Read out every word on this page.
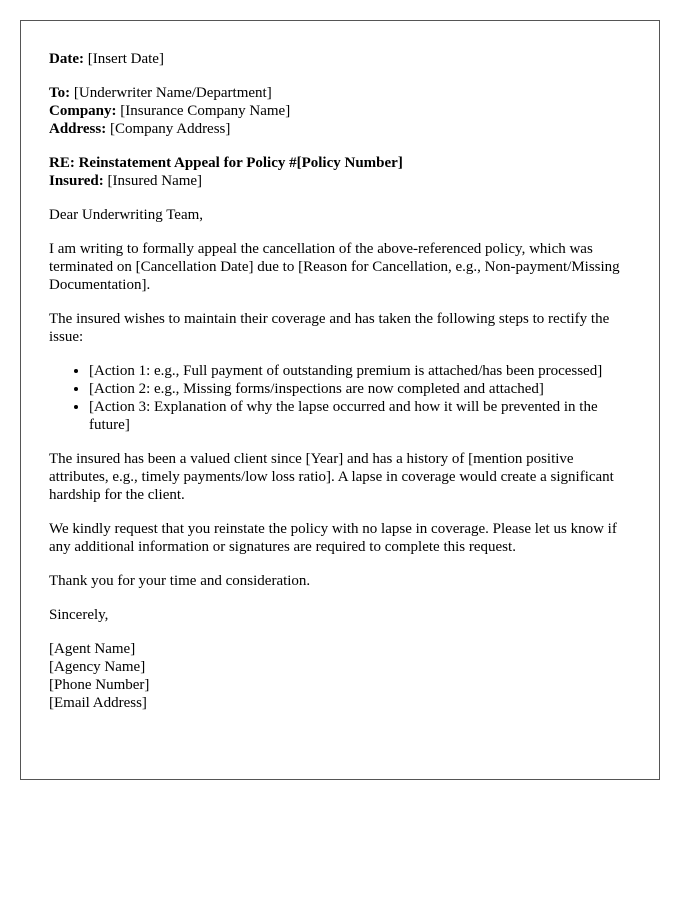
Date: [Insert Date]

To: [Underwriter Name/Department]

Company: [Insurance Company Name]

Address: [Company Address]

RE: Reinstatement Appeal for Policy #[Policy Number]

Insured: [Insured Name]

Dear Underwriting Team,

I am writing to formally appeal the cancellation of the above-referenced policy, which was terminated on [Cancellation Date] due to [Reason for Cancellation, e.g., Non-payment/Missing Documentation].

The insured wishes to maintain their coverage and has taken the following steps to rectify the issue:

• [Action 1: e.g., Full payment of outstanding premium is attached/has been processed]
• [Action 2: e.g., Missing forms/inspections are now completed and attached]
• [Action 3: Explanation of why the lapse occurred and how it will be prevented in the future]

The insured has been a valued client since [Year] and has a history of [mention positive attributes, e.g., timely payments/low loss ratio]. A lapse in coverage would create a significant hardship for the client.

We kindly request that you reinstate the policy with no lapse in coverage. Please let us know if any additional information or signatures are required to complete this request.

Thank you for your time and consideration.

Sincerely,

[Agent Name]

[Agency Name]

[Phone Number]

[Email Address]
